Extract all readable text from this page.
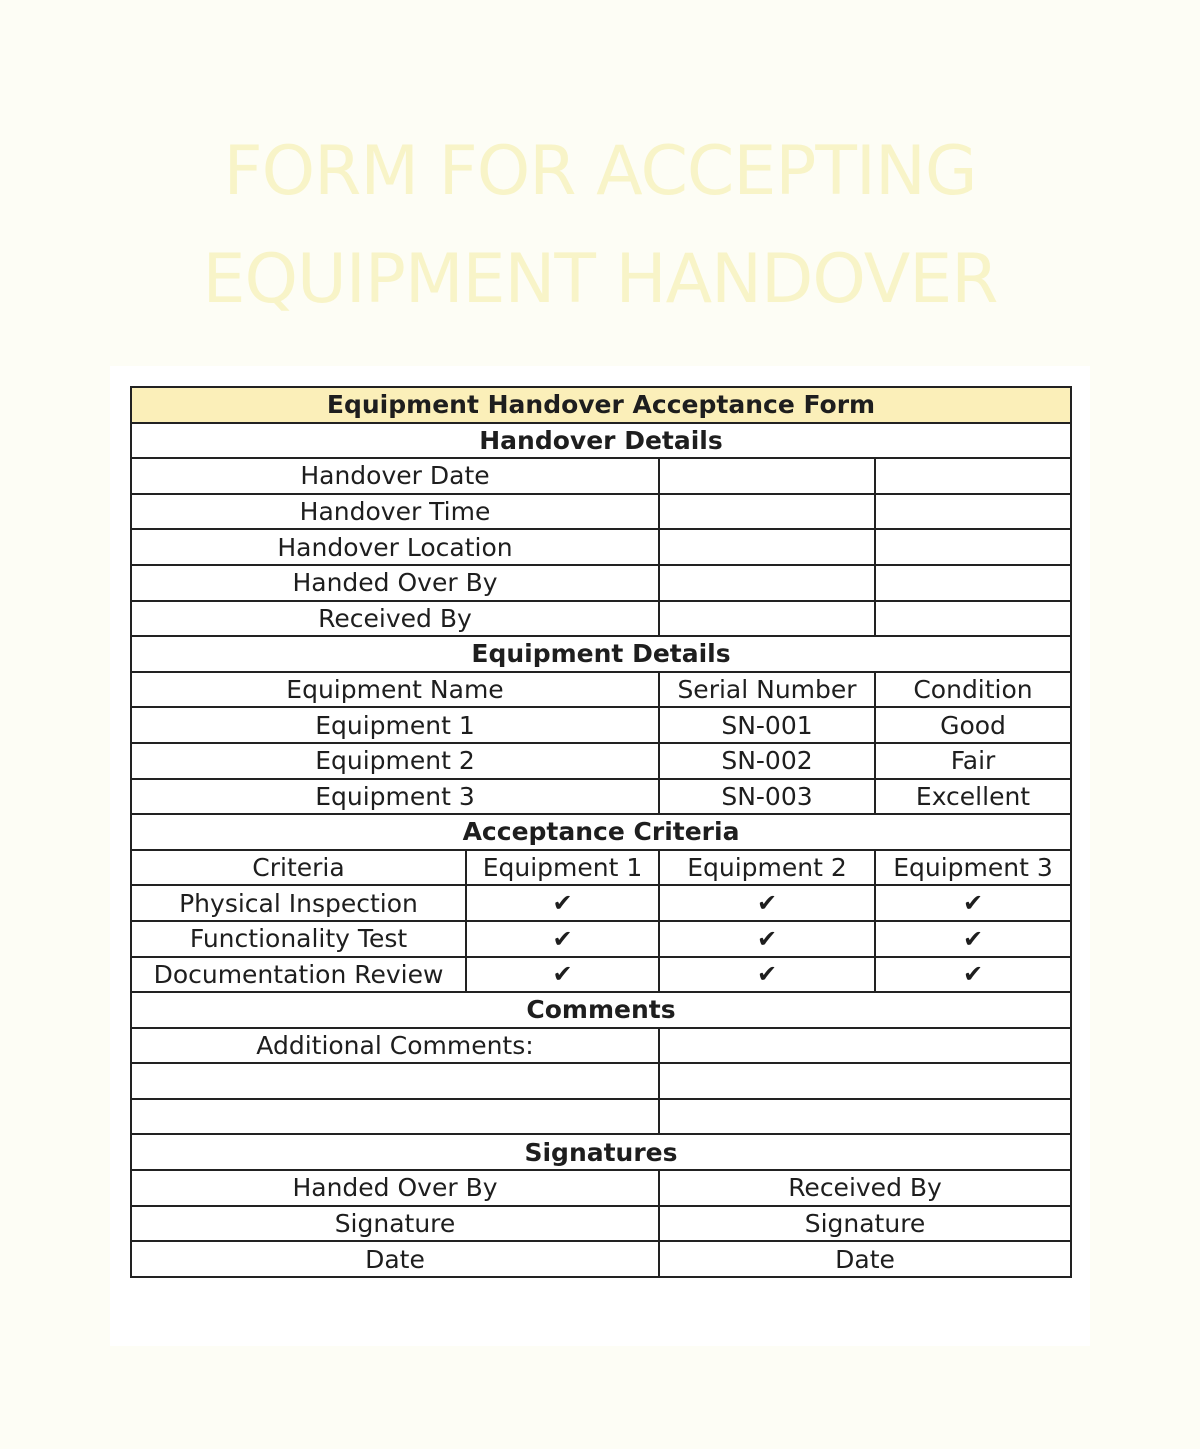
FORM FOR ACCEPTING
EQUIPMENT HANDOVER
Equipment Handover Acceptance Form			
Handover Details			
Handover Date			
Handover Time			
Handover Location			
Handed Over By			
Received By			
Equipment Details			
Equipment Name		Serial Number	Condition
Equipment 1		SN-001	Good
Equipment 2		SN-002	Fair
Equipment 3		SN-003	Excellent
Acceptance Criteria			
Criteria	Equipment 1	Equipment 2	Equipment 3
Physical Inspection	✔	✔	✔
Functionality Test	✔	✔	✔
Documentation Review	✔	✔	✔
Comments			
Additional Comments:			

Signatures			
Handed Over By		Received By	
Signature		Signature	
Date		Date	
